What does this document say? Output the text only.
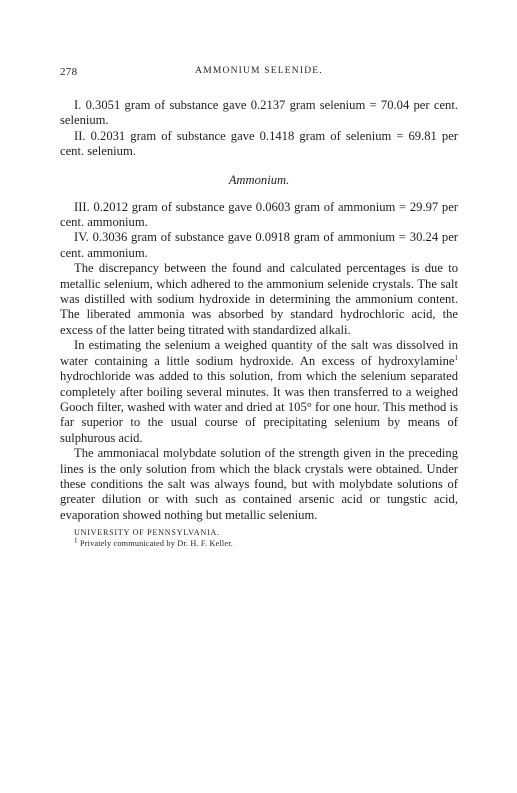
278	AMMONIUM SELENIDE.

I. 0.3051 gram of substance gave 0.2137 gram selenium = 70.04 per cent. selenium.

II. 0.2031 gram of substance gave 0.1418 gram of selenium = 69.81 per cent. selenium.

Ammonium.

III. 0.2012 gram of substance gave 0.0603 gram of ammonium = 29.97 per cent. ammonium.

IV. 0.3036 gram of substance gave 0.0918 gram of ammonium = 30.24 per cent. ammonium.

The discrepancy between the found and calculated percentages is due to metallic selenium, which adhered to the ammonium selenide crystals. The salt was distilled with sodium hydroxide in determining the ammonium content. The liberated ammonia was absorbed by standard hydrochloric acid, the excess of the latter being titrated with standardized alkali.

In estimating the selenium a weighed quantity of the salt was dissolved in water containing a little sodium hydroxide. An excess of hydroxylamine$^1$ hydrochloride was added to this solution, from which the selenium separated completely after boiling several minutes. It was then transferred to a weighed Gooch filter, washed with water and dried at 105° for one hour. This method is far superior to the usual course of precipitating selenium by means of sulphurous acid.

The ammoniacal molybdate solution of the strength given in the preceding lines is the only solution from which the black crystals were obtained. Under these conditions the salt was always found, but with molybdate solutions of greater dilution or with such as contained arsenic acid or tungstic acid, evaporation showed nothing but metallic selenium.

UNIVERSITY OF PENNSYLVANIA.
$^1$ Privately communicated by Dr. H. F. Keller.
